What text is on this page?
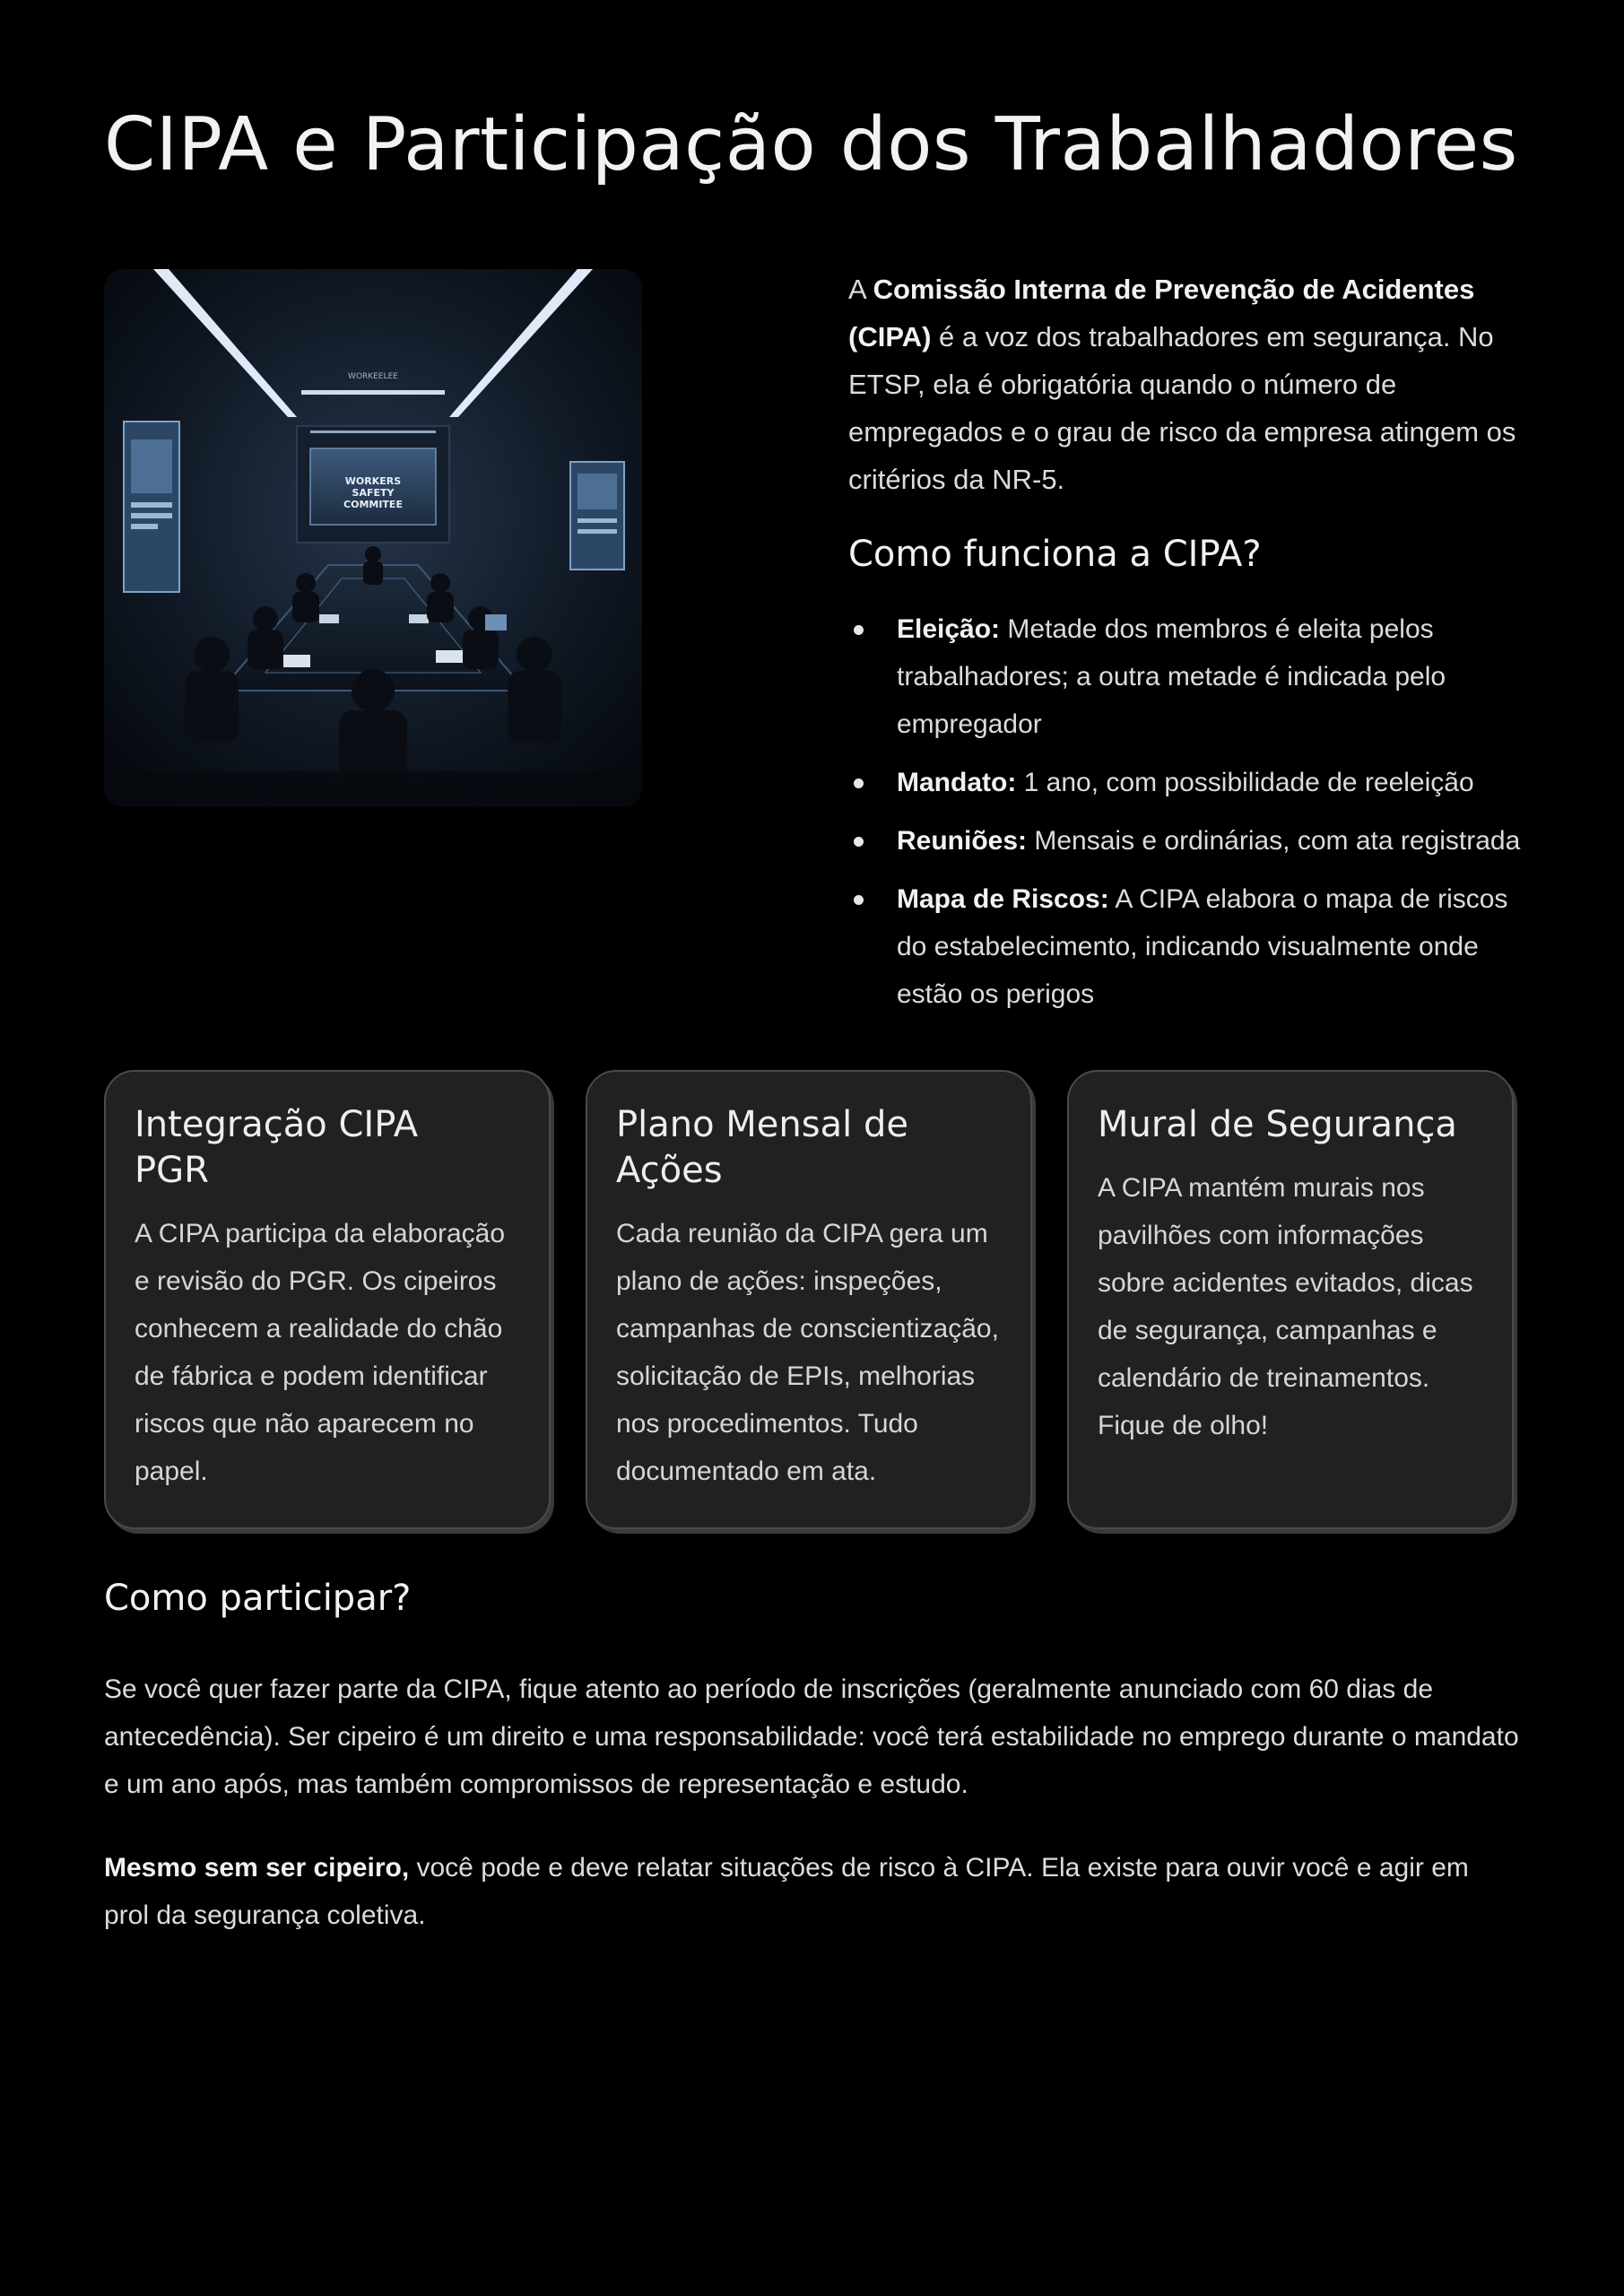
CIPA e Participação dos Trabalhadores
WORKERS
SAFETY
COMMITEE
WORKEELEE

A Comissão Interna de Prevenção de Acidentes (CIPA) é a voz dos trabalhadores em segurança. No ETSP, ela é obrigatória quando o número de empregados e o grau de risco da empresa atingem os critérios da NR-5.

Como funciona a CIPA?
Eleição: Metade dos membros é eleita pelos trabalhadores; a outra metade é indicada pelo empregador
Mandato: 1 ano, com possibilidade de reeleição
Reuniões: Mensais e ordinárias, com ata registrada
Mapa de Riscos: A CIPA elabora o mapa de riscos do estabelecimento, indicando visualmente onde estão os perigos
Integração CIPA PGR

A CIPA participa da elaboração e revisão do PGR. Os cipeiros conhecem a realidade do chão de fábrica e podem identificar riscos que não aparecem no papel.

Plano Mensal de Ações

Cada reunião da CIPA gera um plano de ações: inspeções, campanhas de conscientização, solicitação de EPIs, melhorias nos procedimentos. Tudo documentado em ata.

Mural de Segurança

A CIPA mantém murais nos pavilhões com informações sobre acidentes evitados, dicas de segurança, campanhas e calendário de treinamentos. Fique de olho!

Como participar?

Se você quer fazer parte da CIPA, fique atento ao período de inscrições (geralmente anunciado com 60 dias de antecedência). Ser cipeiro é um direito e uma responsabilidade: você terá estabilidade no emprego durante o mandato e um ano após, mas também compromissos de representação e estudo.

Mesmo sem ser cipeiro, você pode e deve relatar situações de risco à CIPA. Ela existe para ouvir você e agir em prol da segurança coletiva.
